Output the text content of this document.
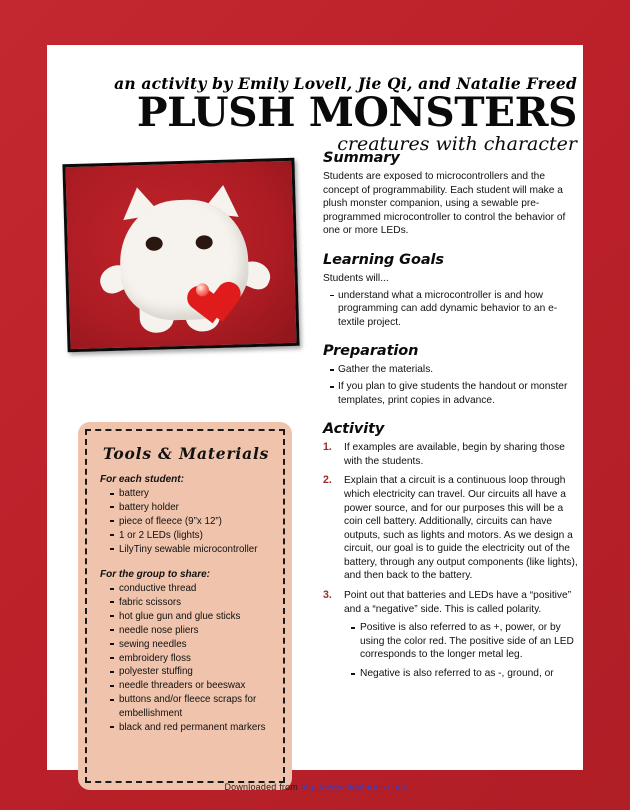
an activity by Emily Lovell, Jie Qi, and Natalie Freed

PLUSH MONSTERS

creatures with character

Tools & Materials
For each student:
battery
battery holder
piece of fleece (9”x 12”)
1 or 2 LEDs (lights)
LilyTiny sewable microcontroller
For the group to share:
conductive thread
fabric scissors
hot glue gun and glue sticks
needle nose pliers
sewing needles
embroidery floss
polyester stuffing
needle threaders or beeswax
buttons and/or fleece scraps for embellishment
black and red permanent markers
Summary

Students are exposed to microcontrollers and the concept of programmability. Each student will make a plush monster companion, using a sewable pre-programmed microcontroller to control the behavior of one or more LEDs.

Learning Goals

Students will...

understand what a microcontroller is and how programming can add dynamic behavior to an e-textile project.
Preparation
Gather the materials.
If you plan to give students the handout or monster templates, print copies in advance.
Activity
If examples are available, begin by sharing those with the students.
Explain that a circuit is a continuous loop through which electricity can travel. Our circuits all have a power source, and for our purposes this will be a coin cell battery. Additionally, circuits can have outputs, such as lights and motors. As we design a circuit, our goal is to guide the electricity out of the battery, through any output components (like lights), and then back to the battery.
Point out that batteries and LEDs have a “positive” and a “negative” side. This is called polarity.
Positive is also referred to as +, power, or by using the color red. The positive side of an LED corresponds to the longer metal leg.
Negative is also referred to as -, ground, or
Downloaded from http://www.tidyforms.com
